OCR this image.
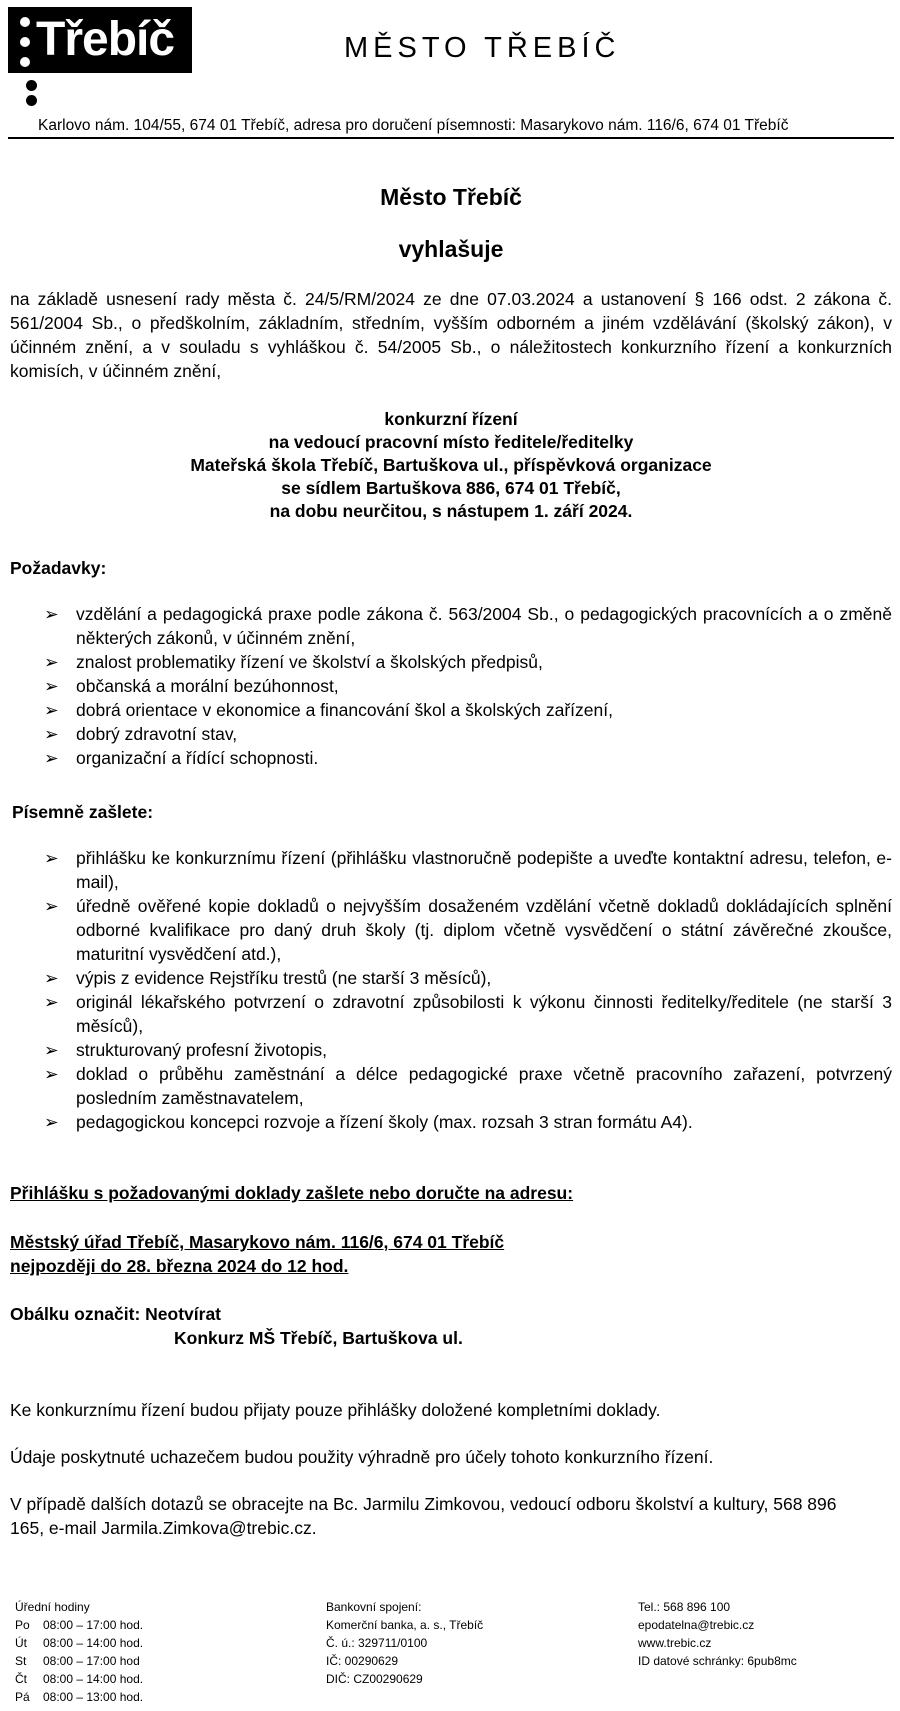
Třebíč	MĚSTO TŘEBÍČ
Karlovo nám. 104/55, 674 01 Třebíč, adresa pro doručení písemnosti: Masarykovo nám. 116/6, 674 01 Třebíč
Město Třebíč
vyhlašuje
na základě usnesení rady města č. 24/5/RM/2024 ze dne 07.03.2024 a ustanovení § 166 odst. 2 zákona č. 561/2004 Sb., o předškolním, základním, středním, vyšším odborném a jiném vzdělávání (školský zákon), v účinném znění, a v souladu s vyhláškou č. 54/2005 Sb., o náležitostech konkurzního řízení a konkurzních komisích, v účinném znění,
konkurzní řízení
na vedoucí pracovní místo ředitele/ředitelky
Mateřská škola Třebíč, Bartuškova ul., příspěvková organizace
se sídlem Bartuškova 886, 674 01 Třebíč,
na dobu neurčitou, s nástupem 1. září 2024.
Požadavky:
➢ vzdělání a pedagogická praxe podle zákona č. 563/2004 Sb., o pedagogických pracovnících a o změně některých zákonů, v účinném znění,
➢ znalost problematiky řízení ve školství a školských předpisů,
➢ občanská a morální bezúhonnost,
➢ dobrá orientace v ekonomice a financování škol a školských zařízení,
➢ dobrý zdravotní stav,
➢ organizační a řídící schopnosti.
Písemně zašlete:
➢ přihlášku ke konkurznímu řízení (přihlášku vlastnoručně podepište a uveďte kontaktní adresu, telefon, e-mail),
➢ úředně ověřené kopie dokladů o nejvyšším dosaženém vzdělání včetně dokladů dokládajících splnění odborné kvalifikace pro daný druh školy (tj. diplom včetně vysvědčení o státní závěrečné zkoušce, maturitní vysvědčení atd.),
➢ výpis z evidence Rejstříku trestů (ne starší 3 měsíců),
➢ originál lékařského potvrzení o zdravotní způsobilosti k výkonu činnosti ředitelky/ředitele (ne starší 3 měsíců),
➢ strukturovaný profesní životopis,
➢ doklad o průběhu zaměstnání a délce pedagogické praxe včetně pracovního zařazení, potvrzený posledním zaměstnavatelem,
➢ pedagogickou koncepci rozvoje a řízení školy (max. rozsah 3 stran formátu A4).
Přihlášku s požadovanými doklady zašlete nebo doručte na adresu:
Městský úřad Třebíč, Masarykovo nám. 116/6, 674 01 Třebíč
nejpozději do 28. března 2024 do 12 hod.
Obálku označit: Neotvírat
Konkurz MŠ Třebíč, Bartuškova ul.
Ke konkurznímu řízení budou přijaty pouze přihlášky doložené kompletními doklady.
Údaje poskytnuté uchazečem budou použity výhradně pro účely tohoto konkurzního řízení.
V případě dalších dotazů se obracejte na Bc. Jarmilu Zimkovou, vedoucí odboru školství a kultury, 568 896 165, e-mail Jarmila.Zimkova@trebic.cz.
Úřední hodiny
Po	08:00 – 17:00 hod.
Út	08:00 – 14:00 hod.
St	08:00 – 17:00 hod
Čt	08:00 – 14:00 hod.
Pá	08:00 – 13:00 hod.
Bankovní spojení:
Komerční banka, a. s., Třebíč
Č. ú.: 329711/0100
IČ: 00290629
DIČ: CZ00290629
Tel.: 568 896 100
epodatelna@trebic.cz
www.trebic.cz
ID datové schránky: 6pub8mc
